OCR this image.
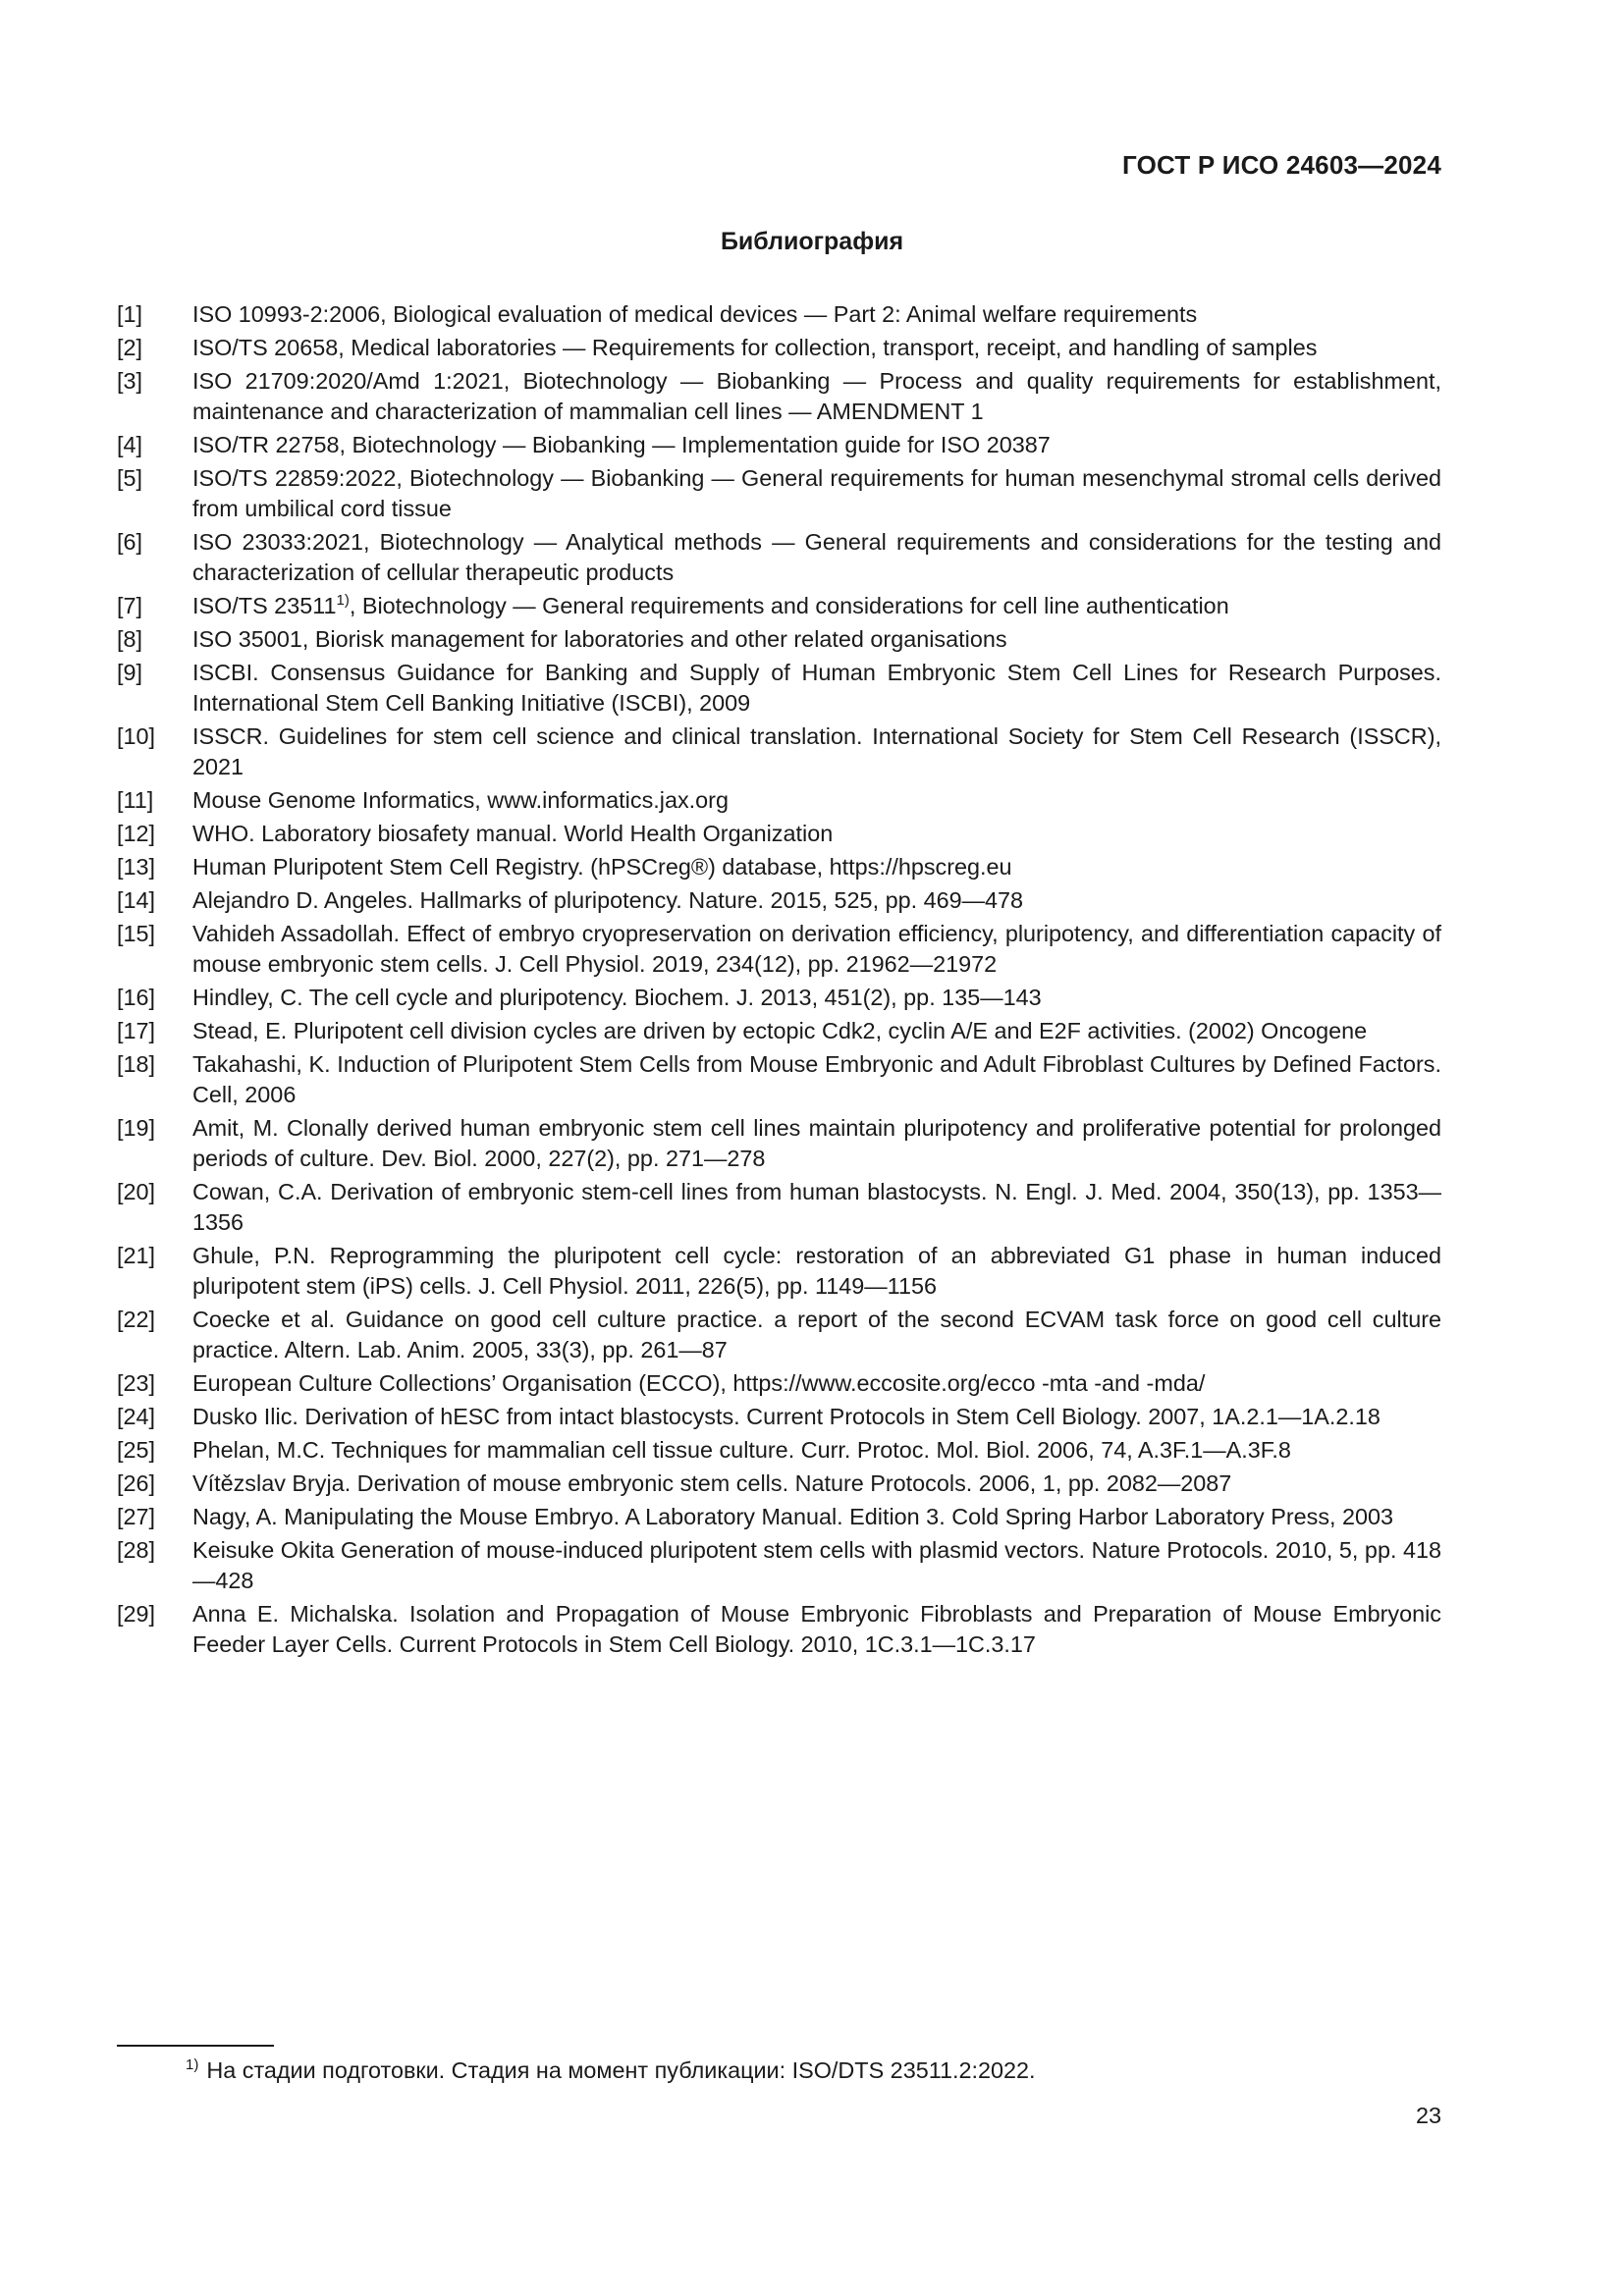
ГОСТ Р ИСО 24603—2024
Библиография
[1]	ISO 10993-2:2006, Biological evaluation of medical devices — Part 2: Animal welfare requirements
[2]	ISO/TS 20658, Medical laboratories — Requirements for collection, transport, receipt, and handling of samples
[3]	ISO 21709:2020/Amd 1:2021, Biotechnology — Biobanking — Process and quality requirements for establishment, maintenance and characterization of mammalian cell lines — AMENDMENT 1
[4]	ISO/TR 22758, Biotechnology — Biobanking — Implementation guide for ISO 20387
[5]	ISO/TS 22859:2022, Biotechnology — Biobanking — General requirements for human mesenchymal stromal cells derived from umbilical cord tissue
[6]	ISO 23033:2021, Biotechnology — Analytical methods — General requirements and considerations for the testing and characterization of cellular therapeutic products
[7]	ISO/TS 23511$^{1)}$, Biotechnology — General requirements and considerations for cell line authentication
[8]	ISO 35001, Biorisk management for laboratories and other related organisations
[9]	ISCBI. Consensus Guidance for Banking and Supply of Human Embryonic Stem Cell Lines for Research Purposes. International Stem Cell Banking Initiative (ISCBI), 2009
[10]	ISSCR. Guidelines for stem cell science and clinical translation. International Society for Stem Cell Research (ISSCR), 2021
[11]	Mouse Genome Informatics, www.informatics.jax.org
[12]	WHO. Laboratory biosafety manual. World Health Organization
[13]	Human Pluripotent Stem Cell Registry. (hPSCreg®) database, https://hpscreg.eu
[14]	Alejandro D. Angeles. Hallmarks of pluripotency. Nature. 2015, 525, pp. 469—478
[15]	Vahideh Assadollah. Effect of embryo cryopreservation on derivation efficiency, pluripotency, and differentiation capacity of mouse embryonic stem cells. J. Cell Physiol. 2019, 234(12), pp. 21962—21972
[16]	Hindley, C. The cell cycle and pluripotency. Biochem. J. 2013, 451(2), pp. 135—143
[17]	Stead, E. Pluripotent cell division cycles are driven by ectopic Cdk2, cyclin A/E and E2F activities. (2002) Oncogene
[18]	Takahashi, K. Induction of Pluripotent Stem Cells from Mouse Embryonic and Adult Fibroblast Cultures by Defined Factors. Cell, 2006
[19]	Amit, M. Clonally derived human embryonic stem cell lines maintain pluripotency and proliferative potential for prolonged periods of culture. Dev. Biol. 2000, 227(2), pp. 271—278
[20]	Cowan, C.A. Derivation of embryonic stem-cell lines from human blastocysts. N. Engl. J. Med. 2004, 350(13), pp. 1353—1356
[21]	Ghule, P.N. Reprogramming the pluripotent cell cycle: restoration of an abbreviated G1 phase in human induced pluripotent stem (iPS) cells. J. Cell Physiol. 2011, 226(5), pp. 1149—1156
[22]	Coecke et al. Guidance on good cell culture practice. a report of the second ECVAM task force on good cell culture practice. Altern. Lab. Anim. 2005, 33(3), pp. 261—87
[23]	European Culture Collections’ Organisation (ECCO), https://www.eccosite.org/ecco -mta -and -mda/
[24]	Dusko Ilic. Derivation of hESC from intact blastocysts. Current Protocols in Stem Cell Biology. 2007, 1A.2.1—1A.2.18
[25]	Phelan, M.C. Techniques for mammalian cell tissue culture. Curr. Protoc. Mol. Biol. 2006, 74, A.3F.1—A.3F.8
[26]	Vítězslav Bryja. Derivation of mouse embryonic stem cells. Nature Protocols. 2006, 1, pp. 2082—2087
[27]	Nagy, A. Manipulating the Mouse Embryo. A Laboratory Manual. Edition 3. Cold Spring Harbor Laboratory Press, 2003
[28]	Keisuke Okita Generation of mouse-induced pluripotent stem cells with plasmid vectors. Nature Protocols. 2010, 5, pp. 418—428
[29]	Anna E. Michalska. Isolation and Propagation of Mouse Embryonic Fibroblasts and Preparation of Mouse Embryonic Feeder Layer Cells. Current Protocols in Stem Cell Biology. 2010, 1C.3.1—1C.3.17
$^{1)}$ На стадии подготовки. Стадия на момент публикации: ISO/DTS 23511.2:2022.
23
